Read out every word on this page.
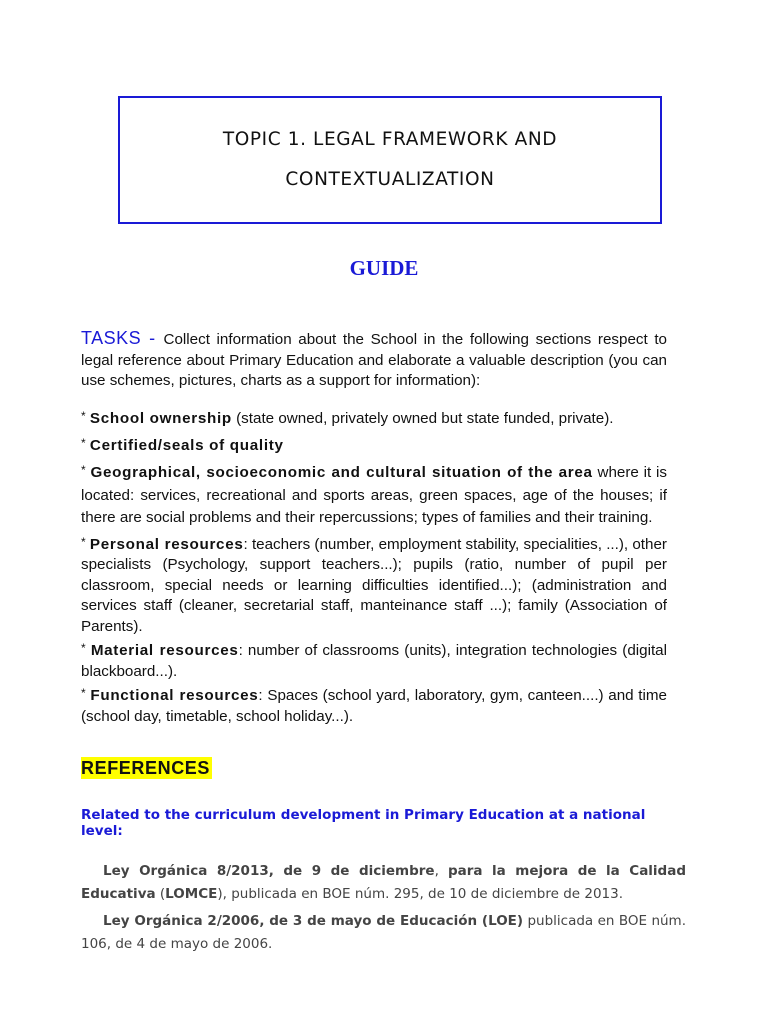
TOPIC 1. LEGAL FRAMEWORK AND
CONTEXTUALIZATION
GUIDE
TASKS - Collect information about the School in the following sections respect to legal reference about Primary Education and elaborate a valuable description (you can use schemes, pictures, charts as a support for information):

* School ownership (state owned, privately owned but state funded, private).

* Certified/seals of quality

* Geographical, socioeconomic and cultural situation of the area where it is located: services, recreational and sports areas, green spaces, age of the houses; if there are social problems and their repercussions; types of families and their training.

* Personal resources: teachers (number, employment stability, specialities, ...), other specialists (Psychology, support teachers...); pupils (ratio, number of pupil per classroom, special needs or learning difficulties identified...); (administration and services staff (cleaner, secretarial staff, manteinance staff ...); family (Association of Parents).

* Material resources: number of classrooms (units), integration technologies (digital blackboard...).

* Functional resources: Spaces (school yard, laboratory, gym, canteen....) and time (school day, timetable, school holiday...).

REFERENCES
Related to the curriculum development in Primary Education at a national level:
Ley Orgánica 8/2013, de 9 de diciembre, para la mejora de la Calidad Educativa (LOMCE), publicada en BOE núm. 295, de 10 de diciembre de 2013.
Ley Orgánica 2/2006, de 3 de mayo de Educación (LOE) publicada en BOE núm. 106, de 4 de mayo de 2006.
